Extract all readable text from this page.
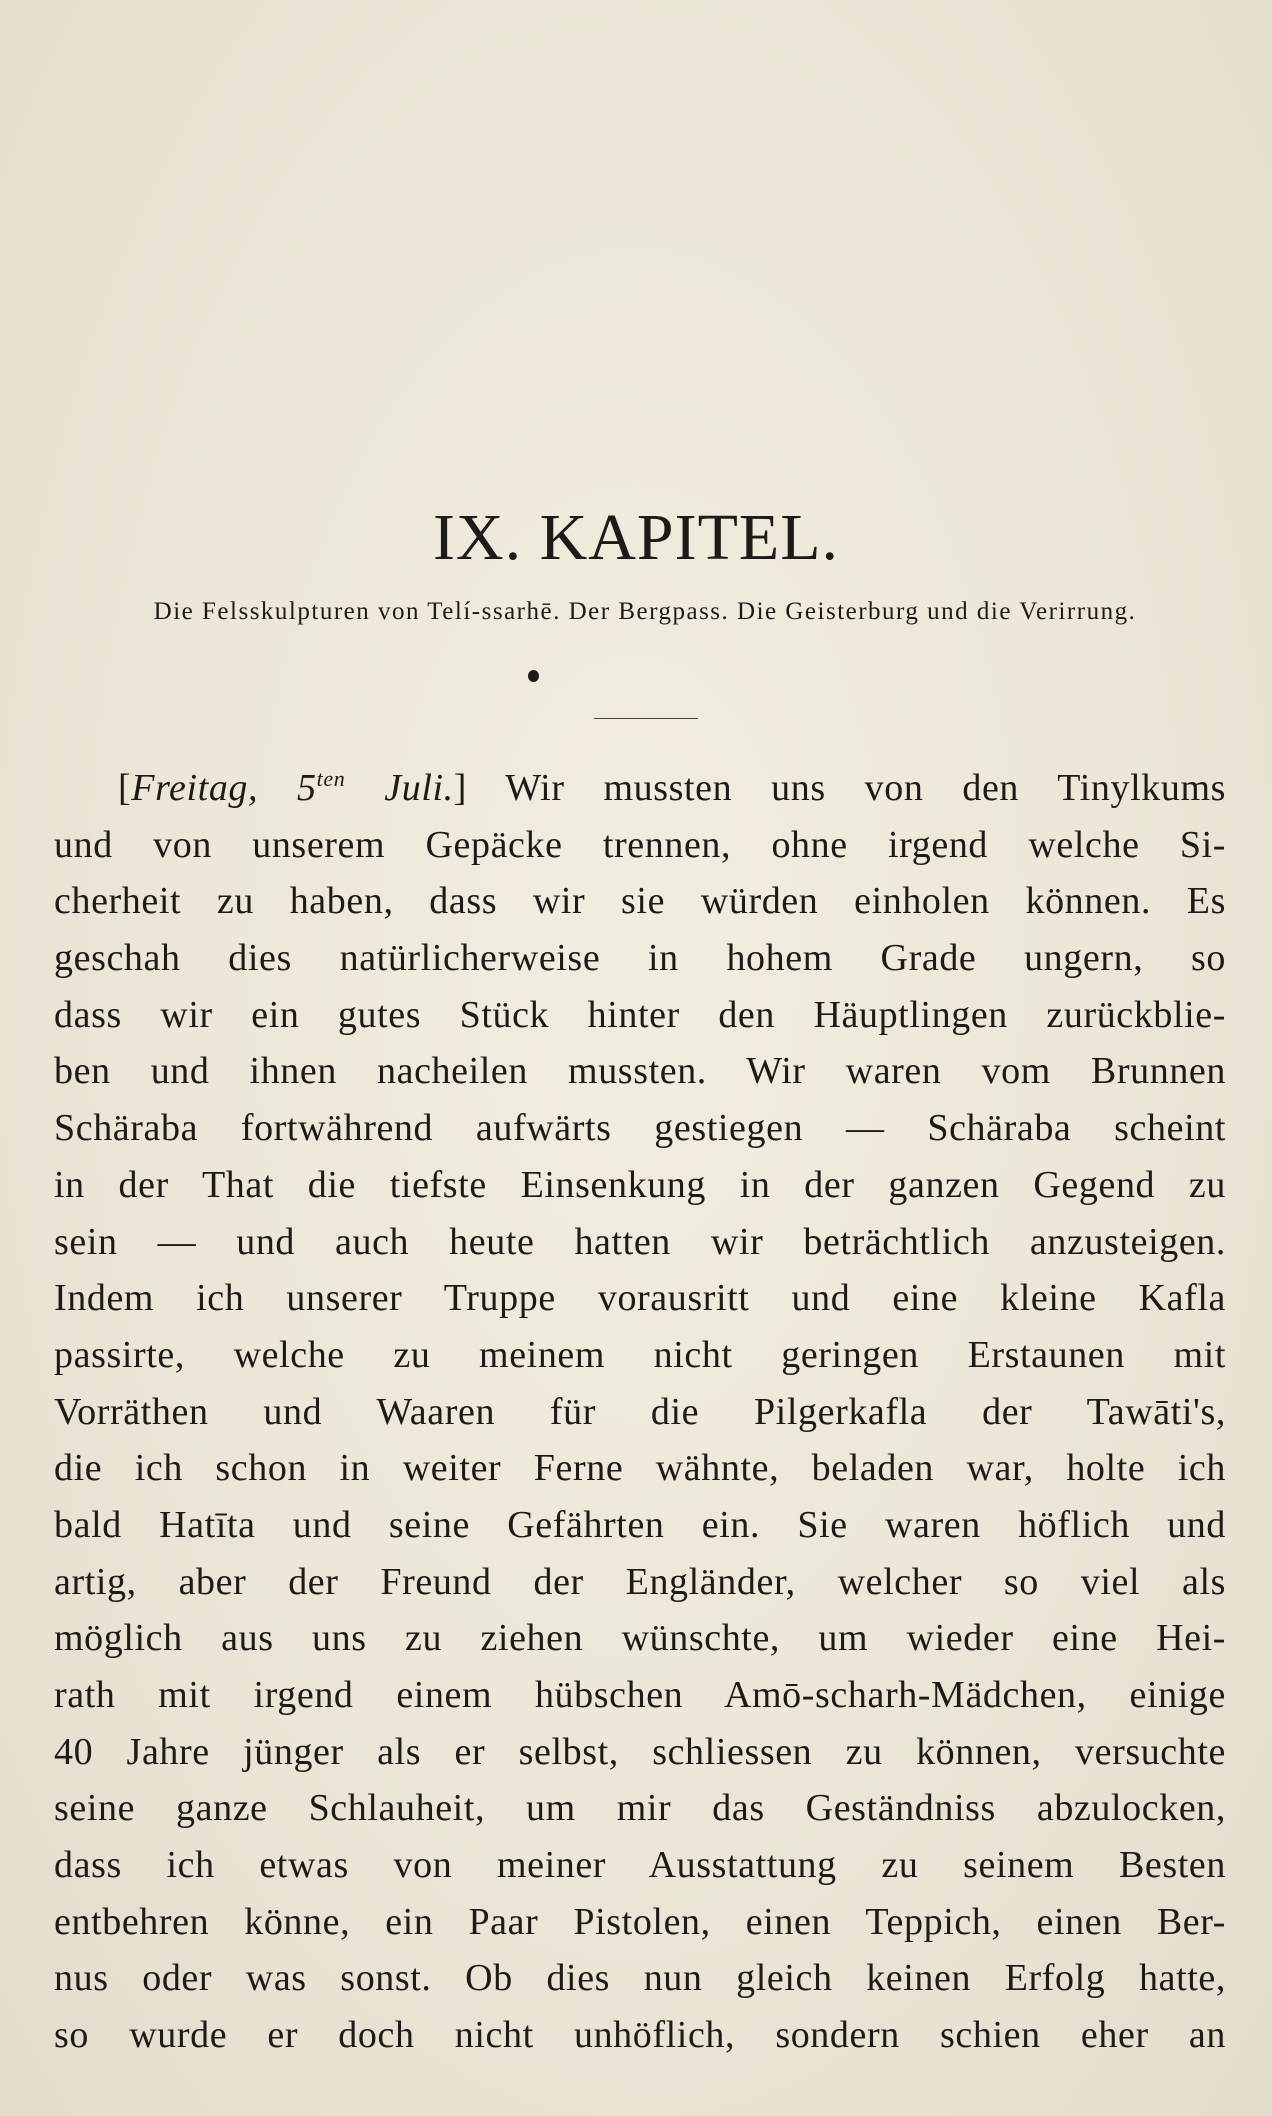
IX. KAPITEL.

Die Felsskulpturen von Telí-ssarhē. Der Bergpass. Die Geisterburg und die Verirrung.

[Freitag, $5^{ten}$ Juli.] Wir mussten uns von den Tinylkums
und von unserem Gepäcke trennen, ohne irgend welche Si-
cherheit zu haben, dass wir sie würden einholen können. Es
geschah dies natürlicherweise in hohem Grade ungern, so
dass wir ein gutes Stück hinter den Häuptlingen zurückblie-
ben und ihnen nacheilen mussten. Wir waren vom Brunnen
Schäraba fortwährend aufwärts gestiegen — Schäraba scheint
in der That die tiefste Einsenkung in der ganzen Gegend zu
sein — und auch heute hatten wir beträchtlich anzusteigen.
Indem ich unserer Truppe vorausritt und eine kleine Kafla
passirte, welche zu meinem nicht geringen Erstaunen mit
Vorräthen und Waaren für die Pilgerkafla der Tawāti's,
die ich schon in weiter Ferne wähnte, beladen war, holte ich
bald Hatīta und seine Gefährten ein. Sie waren höflich und
artig, aber der Freund der Engländer, welcher so viel als
möglich aus uns zu ziehen wünschte, um wieder eine Hei-
rath mit irgend einem hübschen Amō-scharh-Mädchen, einige
40 Jahre jünger als er selbst, schliessen zu können, versuchte
seine ganze Schlauheit, um mir das Geständniss abzulocken,
dass ich etwas von meiner Ausstattung zu seinem Besten
entbehren könne, ein Paar Pistolen, einen Teppich, einen Ber-
nus oder was sonst. Ob dies nun gleich keinen Erfolg hatte,
so wurde er doch nicht unhöflich, sondern schien eher an
